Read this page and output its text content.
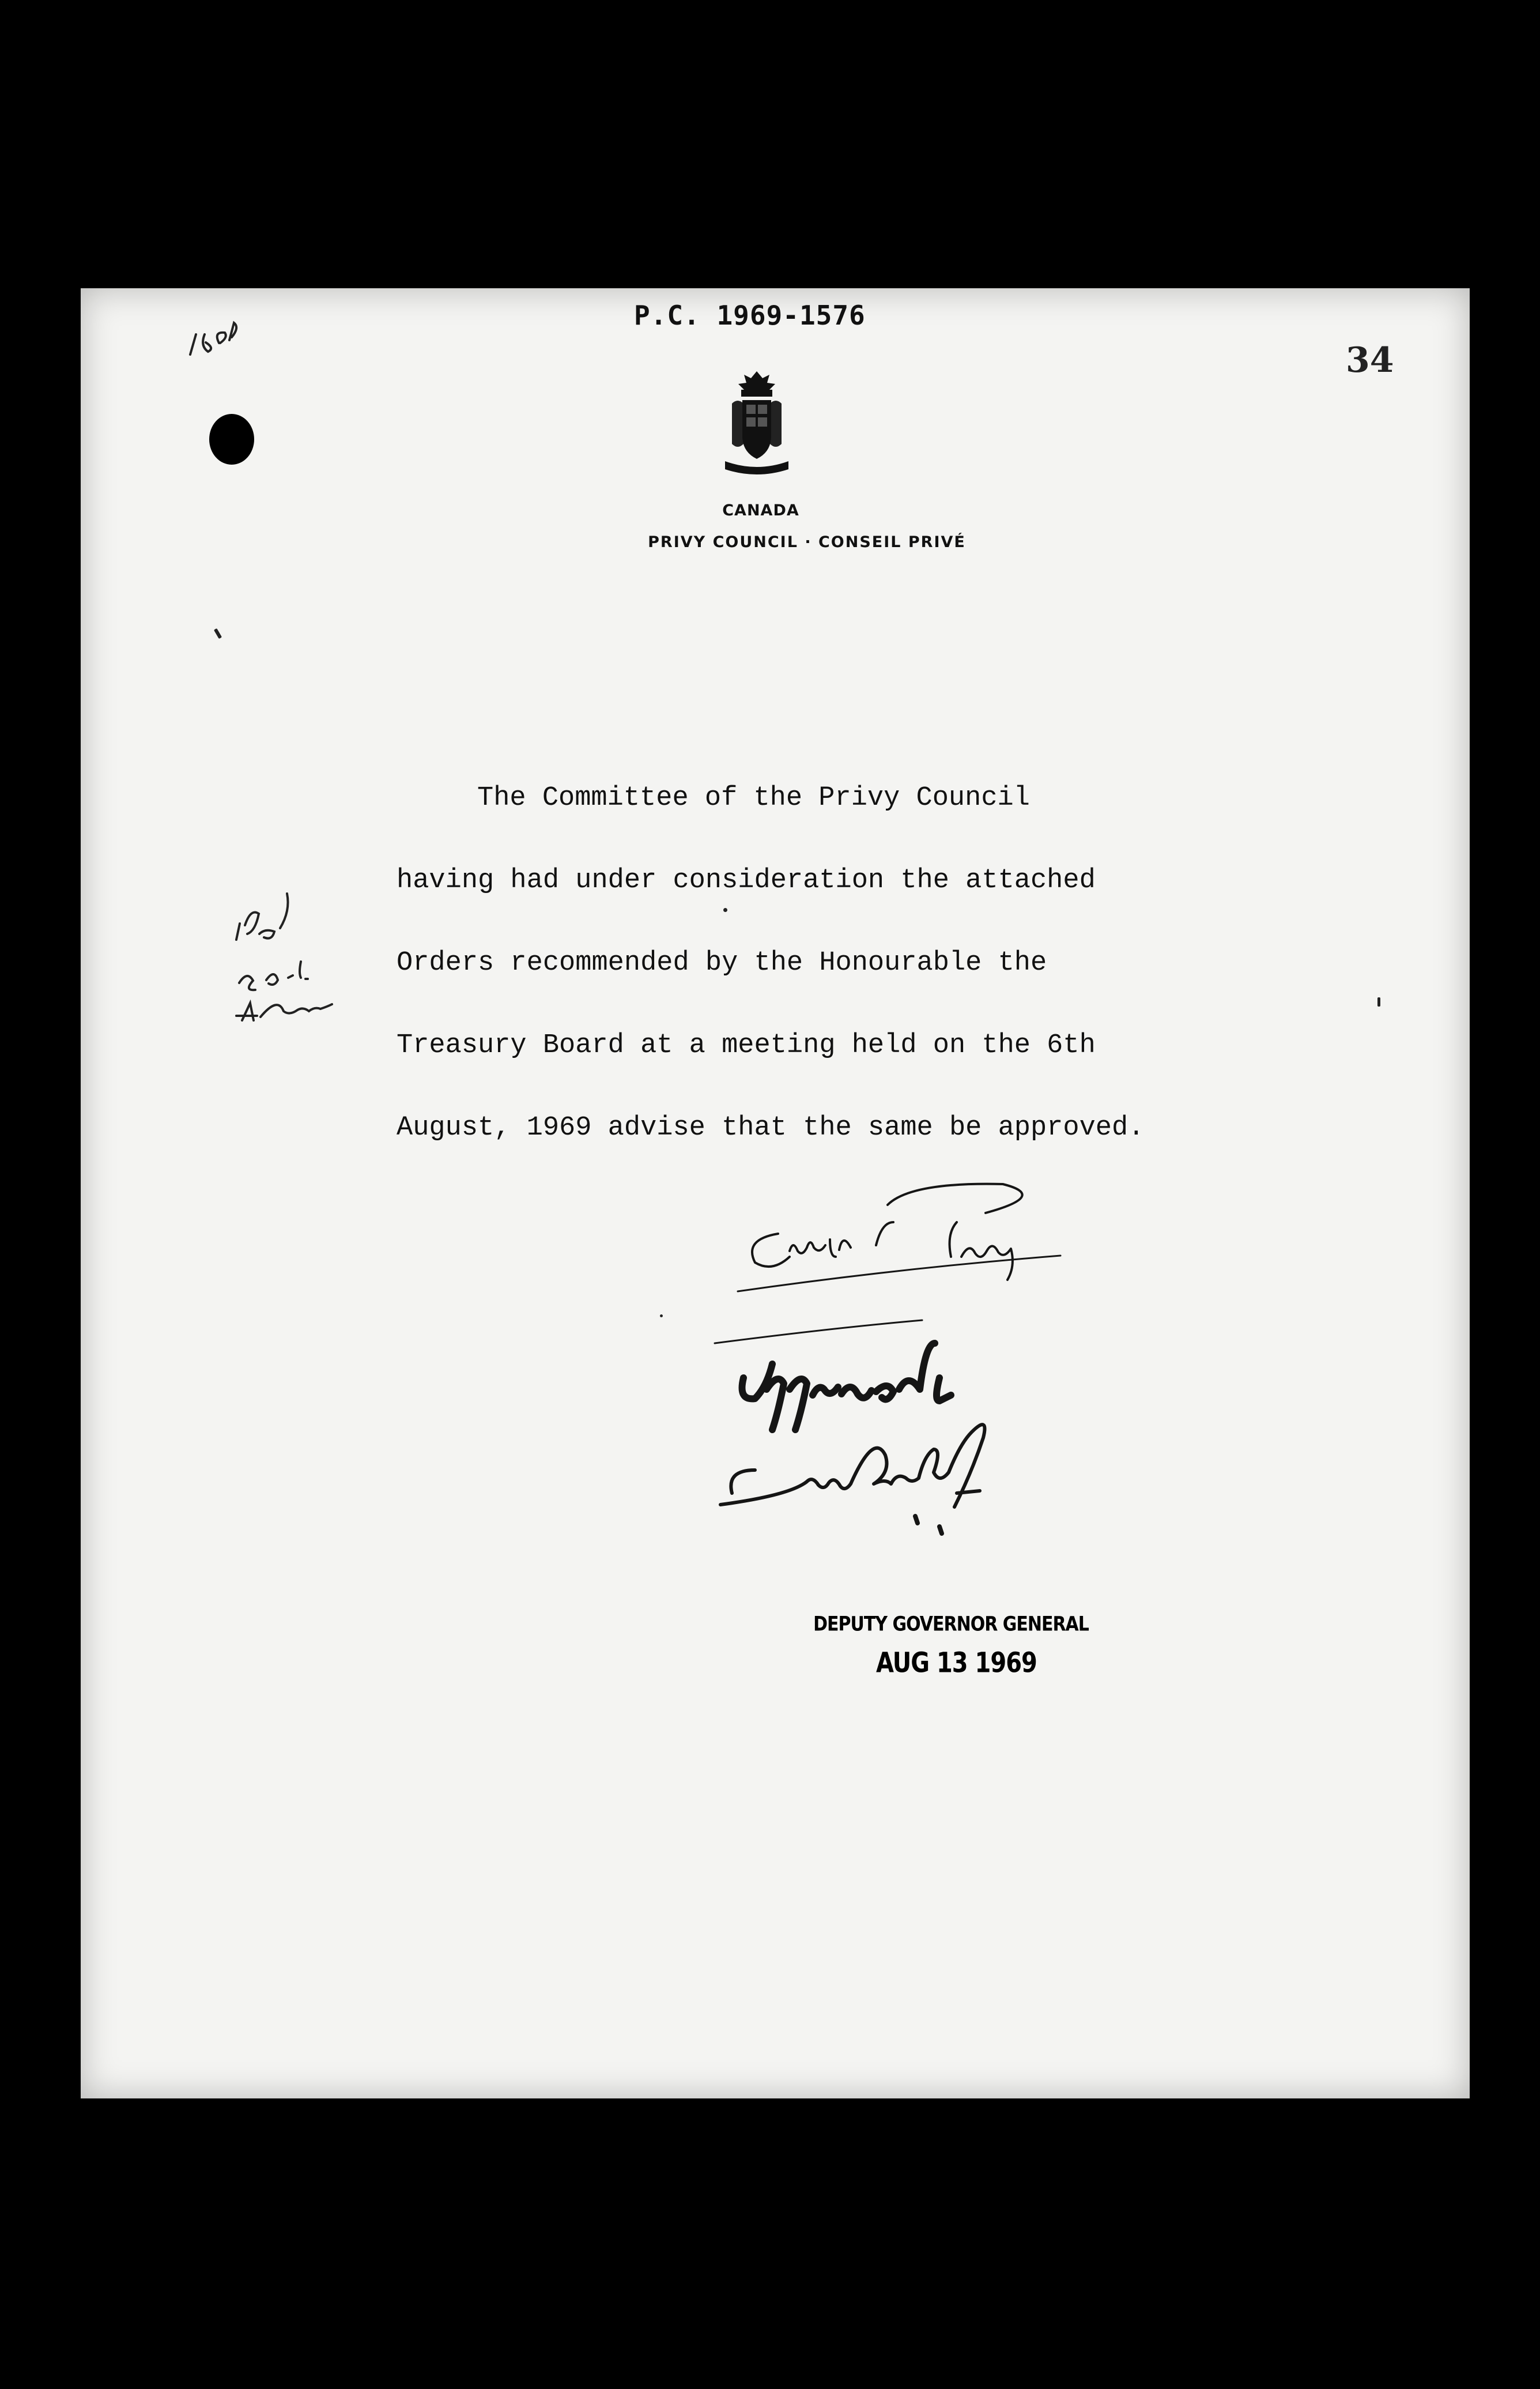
P.C. 1969-1576
34
CANADA
PRIVY COUNCIL · CONSEIL PRIVÉ
The Committee of the Privy Council
having had under consideration the attached
Orders recommended by the Honourable the
Treasury Board at a meeting held on the 6th
August, 1969 advise that the same be approved.
DEPUTY GOVERNOR GENERAL
AUG 13 1969
